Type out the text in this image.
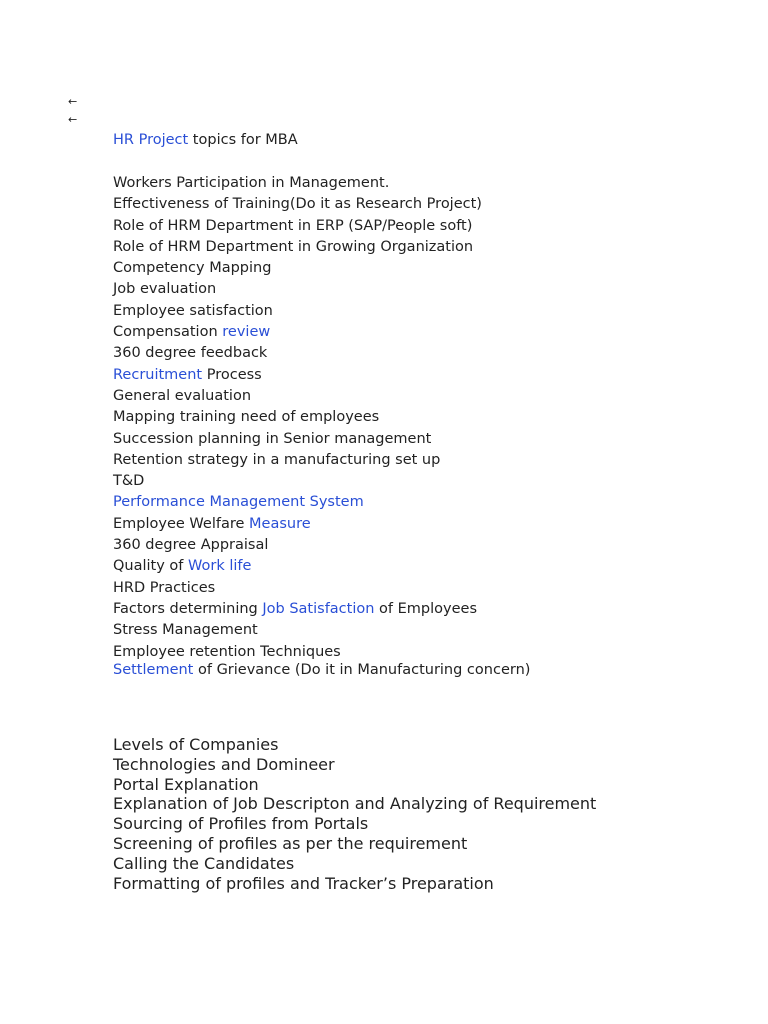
←
←
HR Project topics for MBA
Workers Participation in Management.
Effectiveness of Training(Do it as Research Project)
Role of HRM Department in ERP (SAP/People soft)
Role of HRM Department in Growing Organization
Competency Mapping
Job evaluation
Employee satisfaction
Compensation review
360 degree feedback
Recruitment Process
General evaluation
Mapping training need of employees
Succession planning in Senior management
Retention strategy in a manufacturing set up
T&D
Performance Management System
Employee Welfare Measure
360 degree Appraisal
Quality of Work life
HRD Practices
Factors determining Job Satisfaction of Employees
Stress Management
Employee retention Techniques
Settlement of Grievance (Do it in Manufacturing concern)
Levels of Companies
Technologies and Domineer
Portal Explanation
Explanation of Job Descripton and Analyzing of Requirement
Sourcing of Profiles from Portals
Screening of profiles as per the requirement
Calling the Candidates
Formatting of profiles and Tracker’s Preparation
